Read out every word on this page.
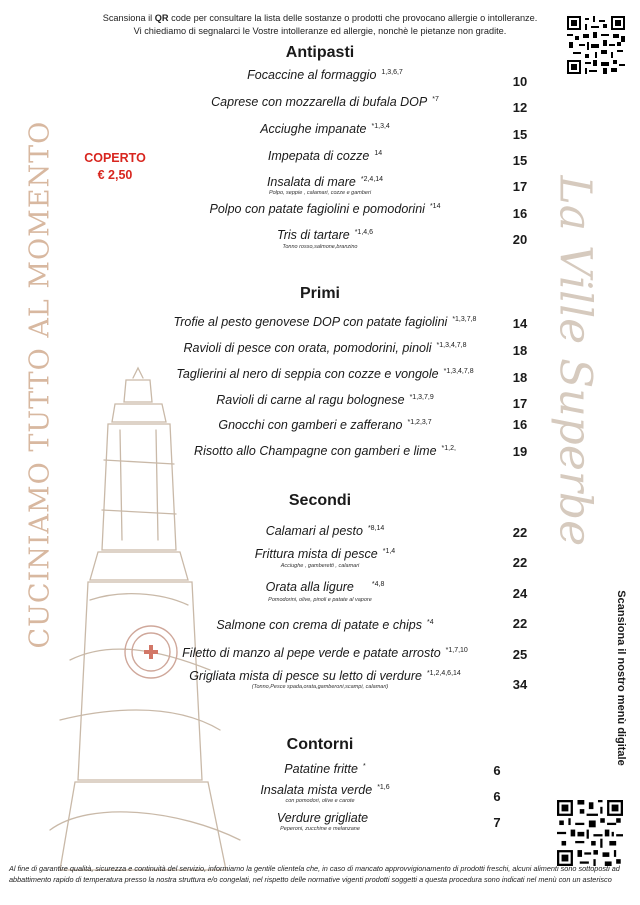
Scansiona il QR code per consultare la lista delle sostanze o prodotti che provocano allergie o intolleranze.
Vi chiediamo di segnalarci le Vostre intolleranze ed allergie, nonchè le pietanze non gradite.
CUCINIAMO TUTTO AL MOMENTO	La Ville Superbe
Scansiona il nostro menù digitale
COPERTO
€ 2,50
Antipasti
Focaccine al formaggio $^{1,3,6,7}$
10
Caprese con mozzarella di bufala DOP $^{*7}$
12
Acciughe impanate $^{*1,3,4}$
15
Impepata di cozze $^{14}$	15
Insalata di mare $^{*2,4,14}$
Polpo, seppie , calamari, cozze e gamberi	17
Polpo con patate fagiolini e pomodorini $^{*14}$	16
Tris di tartare $^{*1,4,6}$
Tonno rosso,salmone,branzino	20
Primi
Trofie al pesto genovese DOP con patate fagiolini $^{*1,3,7,8}$	14
Ravioli di pesce con orata, pomodorini, pinoli $^{*1,3,4,7,8}$	18
Taglierini al nero di seppia con cozze e vongole $^{*1,3,4,7,8}$	18
Ravioli di carne al ragu bolognese $^{*1,3,7,9}$	17
Gnocchi con gamberi e zafferano $^{*1,2,3,7}$	16
Risotto allo Champagne con gamberi e lime $^{*1,2,}$	19
Secondi
Calamari al pesto $^{*8,14}$	22
Frittura mista di pesce $^{*1,4}$
Acciughe , gamberetti , calamari	22
Orata alla ligure	$^{*4,8}$
Pomodorini, olive, pinoli e patate al vapore	24
Salmone con crema di patate e chips $^{*4}$	22
Filetto di manzo al pepe verde e patate arrosto $^{*1,7,10}$	25
Grigliata mista di pesce su letto di verdure $^{*1,2,4,6,14}$
(Tonno,Pesce spada,orata,gamberoni,scampi, calamari)	34
Contorni
Patatine fritte *	6
Insalata mista verde $^{*1,6}$
con pomodori, olive e carote	6
Verdure grigliate
Peperoni, zucchine e melanzane	7
Al fine di garantire qualità, sicurezza e continuità del servizio, informiamo la gentile clientela che, in caso di mancato approvvigionamento di prodotti freschi, alcuni alimenti sono sottoposti ad abbattimento rapido di temperatura presso la nostra struttura e/o congelati, nel rispetto delle normative vigenti prodotti soggetti a questa procedura sono indicati nel menù con un asterisco
